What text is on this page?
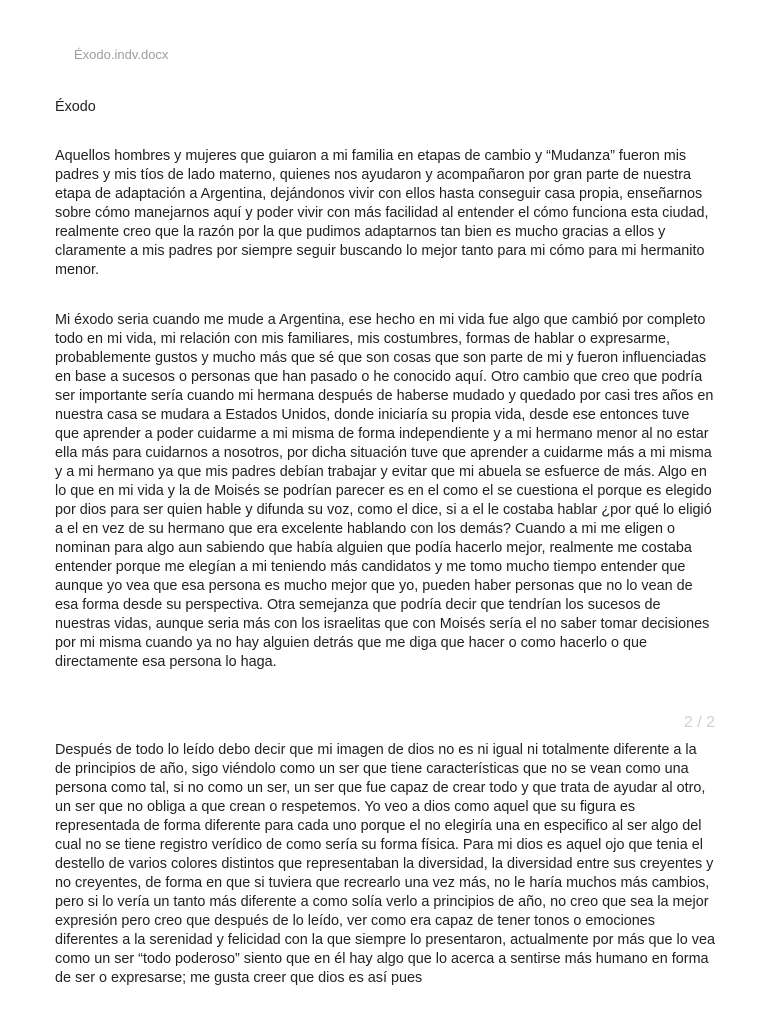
Éxodo.indv.docx
Éxodo

Aquellos hombres y mujeres que guiaron a mi familia en etapas de cambio y “Mudanza” fueron mis padres y mis tíos de lado materno, quienes nos ayudaron y acompañaron por gran parte de nuestra etapa de adaptación a Argentina, dejándonos vivir con ellos hasta conseguir casa propia, enseñarnos sobre cómo manejarnos aquí y poder vivir con más facilidad al entender el cómo funciona esta ciudad, realmente creo que la razón por la que pudimos adaptarnos tan bien es mucho gracias a ellos y claramente a mis padres por siempre seguir buscando lo mejor tanto para mi cómo para mi hermanito menor.

Mi éxodo seria cuando me mude a Argentina, ese hecho en mi vida fue algo que cambió por completo todo en mi vida, mi relación con mis familiares, mis costumbres, formas de hablar o expresarme, probablemente gustos y mucho más que sé que son cosas que son parte de mi y fueron influenciadas en base a sucesos o personas que han pasado o he conocido aquí. Otro cambio que creo que podría ser importante sería cuando mi hermana después de haberse mudado y quedado por casi tres años en nuestra casa se mudara a Estados Unidos, donde iniciaría su propia vida, desde ese entonces tuve que aprender a poder cuidarme a mi misma de forma independiente y a mi hermano menor al no estar ella más para cuidarnos a nosotros, por dicha situación tuve que aprender a cuidarme más a mi misma y a mi hermano ya que mis padres debían trabajar y evitar que mi abuela se esfuerce de más. Algo en lo que en mi vida y la de Moisés se podrían parecer es en el como el se cuestiona el porque es elegido por dios para ser quien hable y difunda su voz, como el dice, si a el le costaba hablar ¿por qué lo eligió a el en vez de su hermano que era excelente hablando con los demás? Cuando a mi me eligen o nominan para algo aun sabiendo que había alguien que podía hacerlo mejor, realmente me costaba entender porque me elegían a mi teniendo más candidatos y me tomo mucho tiempo entender que aunque yo vea que esa persona es mucho mejor que yo, pueden haber personas que no lo vean de esa forma desde su perspectiva. Otra semejanza que podría decir que tendrían los sucesos de nuestras vidas, aunque seria más con los israelitas que con Moisés sería el no saber tomar decisiones por mi misma cuando ya no hay alguien detrás que me diga que hacer o como hacerlo o que directamente esa persona lo haga.

2 / 2

Después de todo lo leído debo decir que mi imagen de dios no es ni igual ni totalmente diferente a la de principios de año, sigo viéndolo como un ser que tiene características que no se vean como una persona como tal, si no como un ser, un ser que fue capaz de crear todo y que trata de ayudar al otro, un ser que no obliga a que crean o respetemos. Yo veo a dios como aquel que su figura es representada de forma diferente para cada uno porque el no elegiría una en especifico al ser algo del cual no se tiene registro verídico de como sería su forma física. Para mi dios es aquel ojo que tenia el destello de varios colores distintos que representaban la diversidad, la diversidad entre sus creyentes y no creyentes, de forma en que si tuviera que recrearlo una vez más, no le haría muchos más cambios, pero si lo vería un tanto más diferente a como solía verlo a principios de año, no creo que sea la mejor expresión pero creo que después de lo leído, ver como era capaz de tener tonos o emociones diferentes a la serenidad y felicidad con la que siempre lo presentaron, actualmente por más que lo vea como un ser “todo poderoso” siento que en él hay algo que lo acerca a sentirse más humano en forma de ser o expresarse; me gusta creer que dios es así pues
